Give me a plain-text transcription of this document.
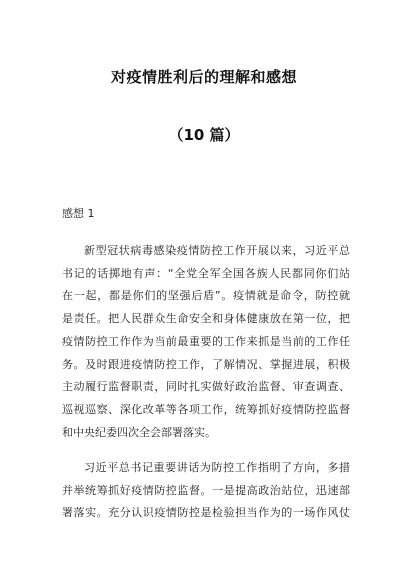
对疫情胜利后的理解和感想
（10 篇）
感想 1

新型冠状病毒感染疫情防控工作开展以来，习近平总
书记的话掷地有声：“全党全军全国各族人民都同你们站
在一起，都是你们的坚强后盾”。疫情就是命令，防控就
是责任。把人民群众生命安全和身体健康放在第一位，把
疫情防控工作作为当前最重要的工作来抓是当前的工作任
务。及时跟进疫情防控工作，了解情况、掌握进展，积极
主动履行监督职责，同时扎实做好政治监督、审查调查、
巡视巡察、深化改革等各项工作，统筹抓好疫情防控监督
和中央纪委四次全会部署落实。

习近平总书记重要讲话为防控工作指明了方向，多措
并举统筹抓好疫情防控监督。一是提高政治站位，迅速部
署落实。充分认识疫情防控是检验担当作为的一场作风仗
